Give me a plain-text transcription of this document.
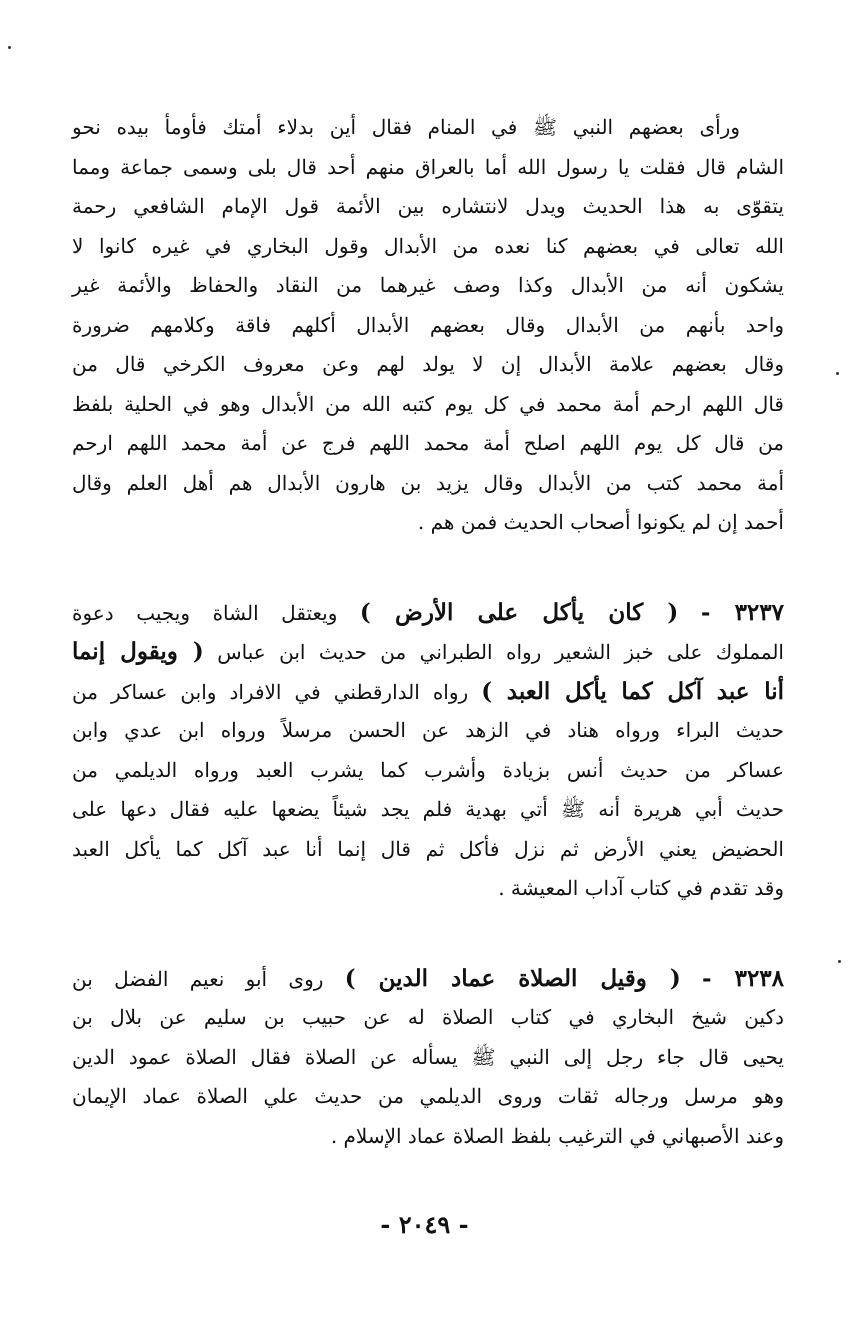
ورأى بعضهم النبي ﷺ في المنام فقال أين بدلاء أمتك فأومأ بيده نحو
الشام قال فقلت يا رسول الله أما بالعراق منهم أحد قال بلى وسمى جماعة ومما
يتقوّى به هذا الحديث ويدل لانتشاره بين الأئمة قول الإمام الشافعي رحمة
الله تعالى في بعضهم كنا نعده من الأبدال وقول البخاري في غيره كانوا لا
يشكون أنه من الأبدال وكذا وصف غيرهما من النقاد والحفاظ والأئمة غير
واحد بأنهم من الأبدال وقال بعضهم الأبدال أكلهم فاقة وكلامهم ضرورة
وقال بعضهم علامة الأبدال إن لا يولد لهم وعن معروف الكرخي قال من
قال اللهم ارحم أمة محمد في كل يوم كتبه الله من الأبدال وهو في الحلية بلفظ
من قال كل يوم اللهم اصلح أمة محمد اللهم فرج عن أمة محمد اللهم ارحم
أمة محمد كتب من الأبدال وقال يزيد بن هارون الأبدال هم أهل العلم وقال
أحمد إن لم يكونوا أصحاب الحديث فمن هم .
٣٢٣٧ - ( كان يأكل على الأرض ) ويعتقل الشاة ويجيب دعوة
المملوك على خبز الشعير رواه الطبراني من حديث ابن عباس ( ويقول إنما
أنا عبد آكل كما يأكل العبد ) رواه الدارقطني في الافراد وابن عساكر من
حديث البراء ورواه هناد في الزهد عن الحسن مرسلاً ورواه ابن عدي وابن
عساكر من حديث أنس بزيادة وأشرب كما يشرب العبد ورواه الديلمي من
حديث أبي هريرة أنه ﷺ أتي بهدية فلم يجد شيئاً يضعها عليه فقال دعها على
الحضيض يعني الأرض ثم نزل فأكل ثم قال إنما أنا عبد آكل كما يأكل العبد
وقد تقدم في كتاب آداب المعيشة .
٣٢٣٨ - ( وقيل الصلاة عماد الدين ) روى أبو نعيم الفضل بن
دكين شيخ البخاري في كتاب الصلاة له عن حبيب بن سليم عن بلال بن
يحيى قال جاء رجل إلى النبي ﷺ يسأله عن الصلاة فقال الصلاة عمود الدين
وهو مرسل ورجاله ثقات وروى الديلمي من حديث علي الصلاة عماد الإيمان
وعند الأصبهاني في الترغيب بلفظ الصلاة عماد الإسلام .
- ٢٠٤٩ -
